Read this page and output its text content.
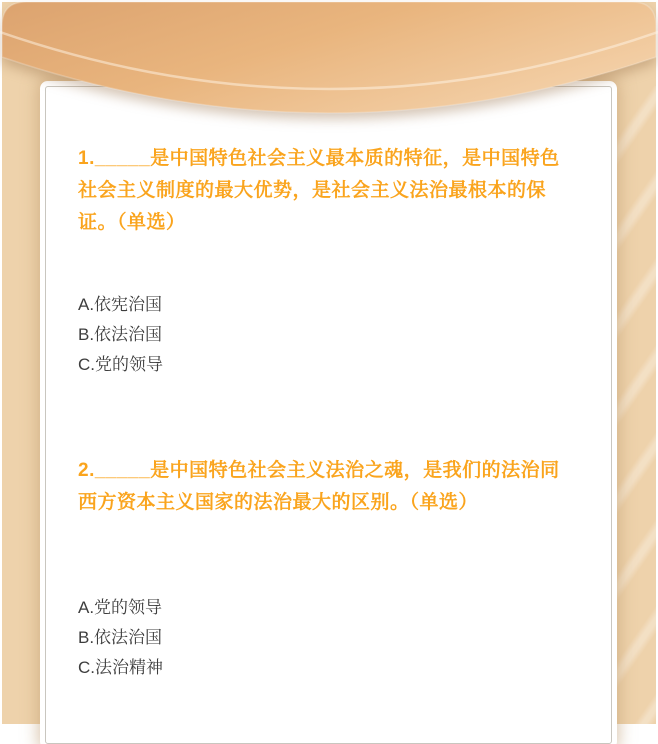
1._____是中国特色社会主义最本质的特征，是中国特色社会主义制度的最大优势，是社会主义法治最根本的保证。（单选）
A.依宪治国
B.依法治国
C.党的领导
2._____是中国特色社会主义法治之魂，是我们的法治同西方资本主义国家的法治最大的区别。（单选）
A.党的领导
B.依法治国
C.法治精神
